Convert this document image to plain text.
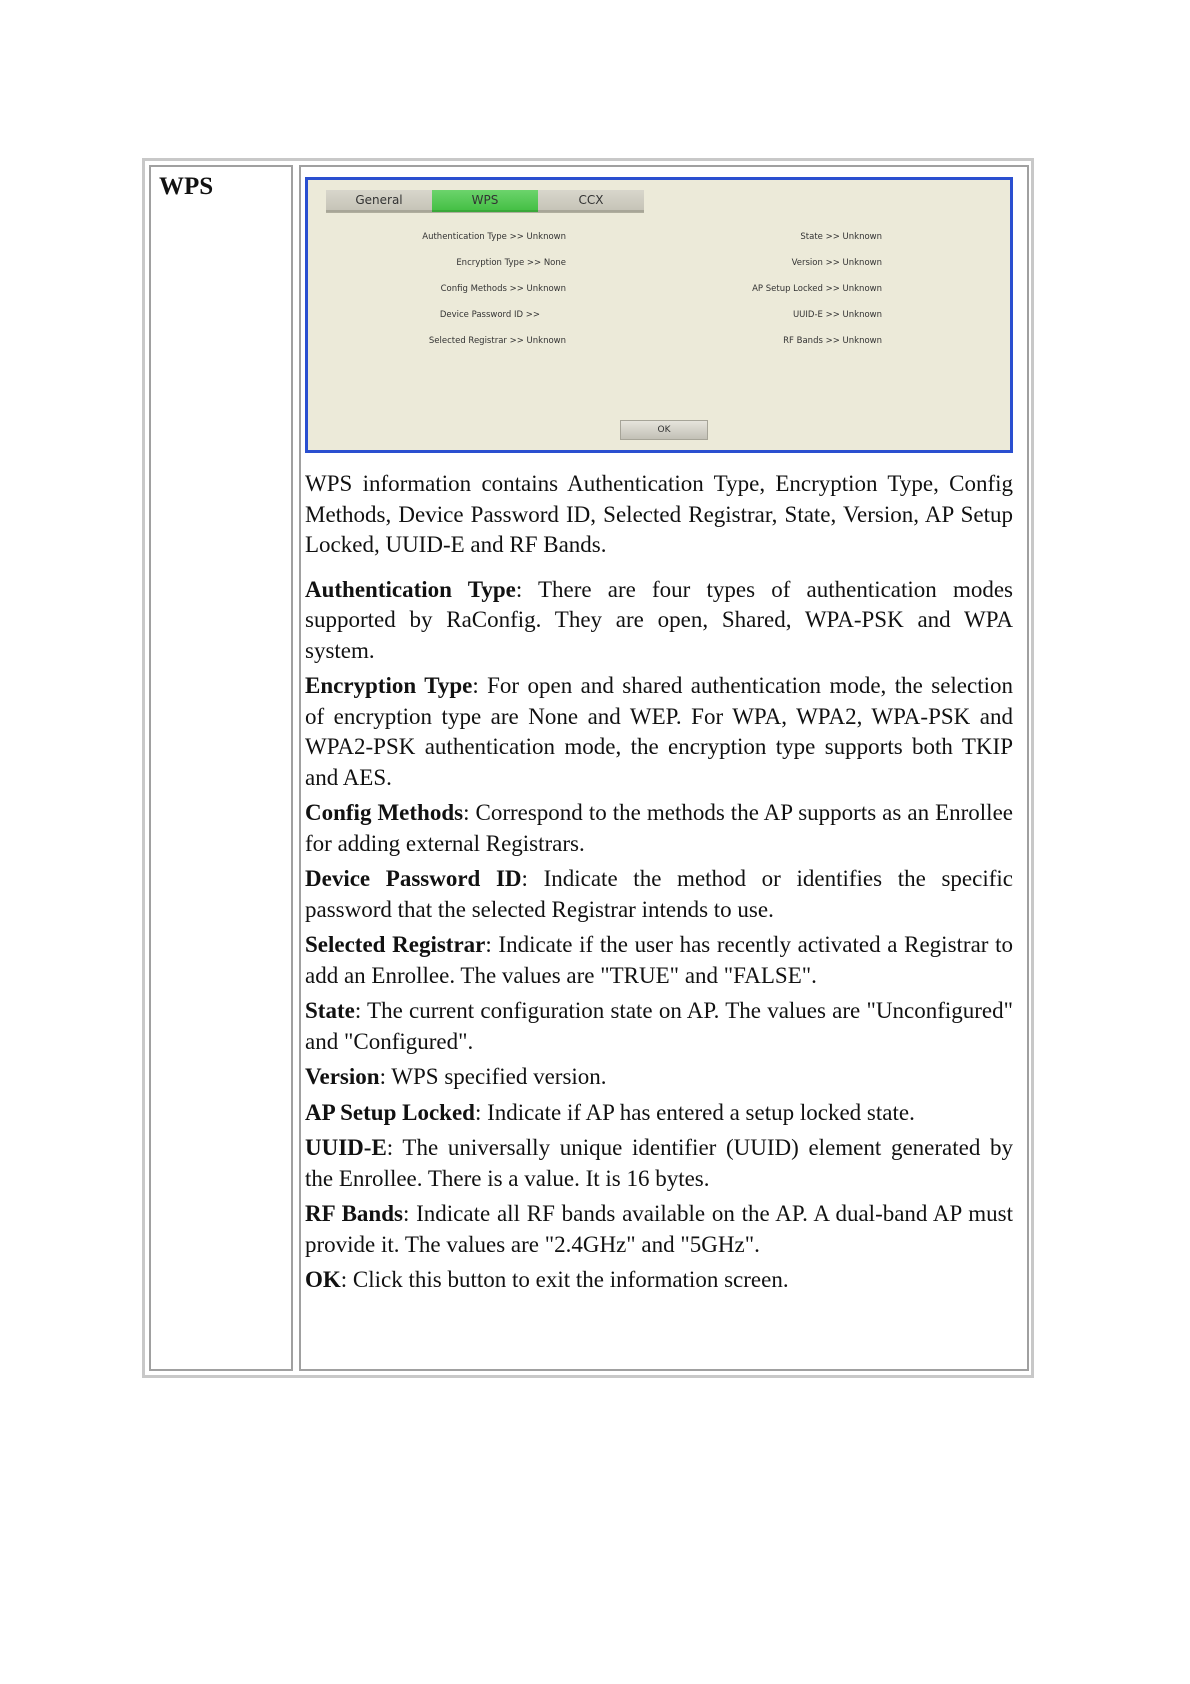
WPS	General	WPS	CCX
Authentication Type >> Unknown
Encryption Type >> None
Config Methods >> Unknown
Device Password ID >>
Selected Registrar >> Unknown
State >> Unknown
Version >> Unknown
AP Setup Locked >> Unknown
UUID-E >> Unknown
RF Bands >> Unknown
OK

WPS information contains Authentication Type, Encryption Type, Config Methods, Device Password ID, Selected Registrar, State, Version, AP Setup Locked, UUID-E and RF Bands.

Authentication Type: There are four types of authentication modes supported by RaConfig. They are open, Shared, WPA-PSK and WPA system.

Encryption Type: For open and shared authentication mode, the selection of encryption type are None and WEP. For WPA, WPA2, WPA-PSK and WPA2-PSK authentication mode, the encryption type supports both TKIP and AES.

Config Methods: Correspond to the methods the AP supports as an Enrollee for adding external Registrars.

Device Password ID: Indicate the method or identifies the specific password that the selected Registrar intends to use.

Selected Registrar: Indicate if the user has recently activated a Registrar to add an Enrollee. The values are "TRUE" and "FALSE".

State: The current configuration state on AP. The values are "Unconfigured" and "Configured".

Version: WPS specified version.

AP Setup Locked: Indicate if AP has entered a setup locked state.

UUID-E: The universally unique identifier (UUID) element generated by the Enrollee. There is a value. It is 16 bytes.

RF Bands: Indicate all RF bands available on the AP. A dual-band AP must provide it. The values are "2.4GHz" and "5GHz".

OK: Click this button to exit the information screen.
